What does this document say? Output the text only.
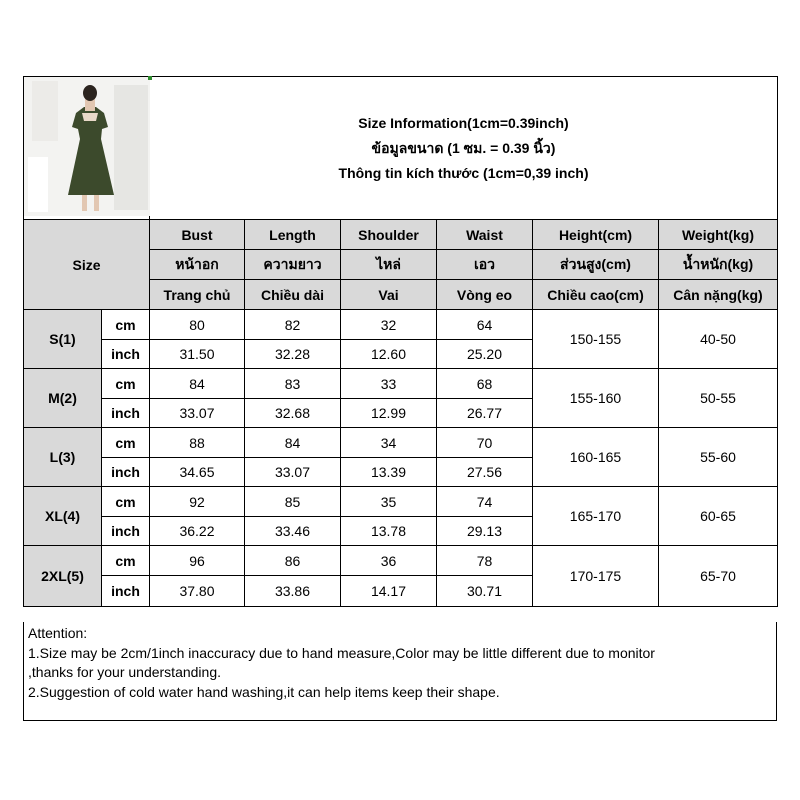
Size Information(1cm=0.39inch)
ข้อมูลขนาด (1 ซม. = 0.39 นิ้ว)
Thông tin kích thước (1cm=0,39 inch)					

Size		Bust	Length	Shoulder	Waist	Height(cm)	Weight(kg)
		หน้าอก	ความยาว	ไหล่	เอว	ส่วนสูง(cm)	น้ำหนัก(kg)
		Trang chủ	Chiều dài	Vai	Vòng eo	Chiều cao(cm)	Cân nặng(kg)
S(1)	cm	80	82	32	64	150-155	40-50
	inch	31.50	32.28	12.60	25.20		
M(2)	cm	84	83	33	68	155-160	50-55
	inch	33.07	32.68	12.99	26.77		
L(3)	cm	88	84	34	70	160-165	55-60
	inch	34.65	33.07	13.39	27.56		
XL(4)	cm	92	85	35	74	165-170	60-65
	inch	36.22	33.46	13.78	29.13		
2XL(5)	cm	96	86	36	78	170-175	65-70
	inch	37.80	33.86	14.17	30.71		
Attention:
1.Size may be 2cm/1inch inaccuracy due to hand measure,Color may be little different due to monitor
,thanks for your understanding.
2.Suggestion of cold water hand washing,it can help items keep their shape.
